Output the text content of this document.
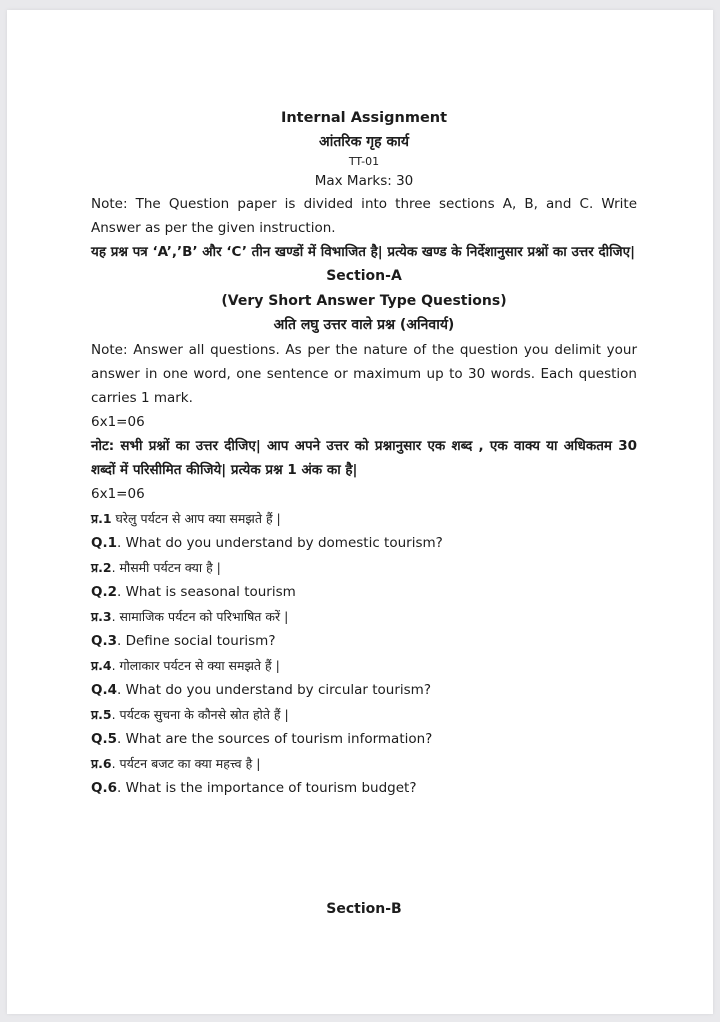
Internal Assignment
आंतरिक गृह कार्य
TT-01
Max Marks: 30
Note: The Question paper is divided into three sections A, B, and C. Write Answer as per the given instruction.
यह प्रश्न पत्र ‘A’,’B’ और ‘C’ तीन खण्डों में विभाजित है| प्रत्येक खण्ड के निर्देशानुसार प्रश्नों का उत्तर दीजिए|
Section-A
(Very Short Answer Type Questions)
अति लघु उत्तर वाले प्रश्न (अनिवार्य)
Note: Answer all questions. As per the nature of the question you delimit your answer in one word, one sentence or maximum up to 30 words. Each question carries 1 mark.
6x1=06
नोट: सभी प्रश्नों का उत्तर दीजिए| आप अपने उत्तर को प्रश्नानुसार एक शब्द , एक वाक्य या अधिकतम 30 शब्दों में परिसीमित कीजिये| प्रत्येक प्रश्न 1 अंक का है|
6x1=06
प्र.1 घरेलु पर्यटन से आप क्या समझते हैं |
Q.1. What do you understand by domestic tourism?
प्र.2. मौसमी पर्यटन क्या है |
Q.2. What is seasonal tourism
प्र.3. सामाजिक पर्यटन को परिभाषित करें |
Q.3. Define social tourism?
प्र.4. गोलाकार पर्यटन से क्या समझते हैं |
Q.4. What do you understand by circular tourism?
प्र.5. पर्यटक सुचना के कौनसे स्रोत होते हैं |
Q.5. What are the sources of tourism information?
प्र.6. पर्यटन बजट का क्या महत्त्व है |
Q.6. What is the importance of tourism budget?
Section-B
